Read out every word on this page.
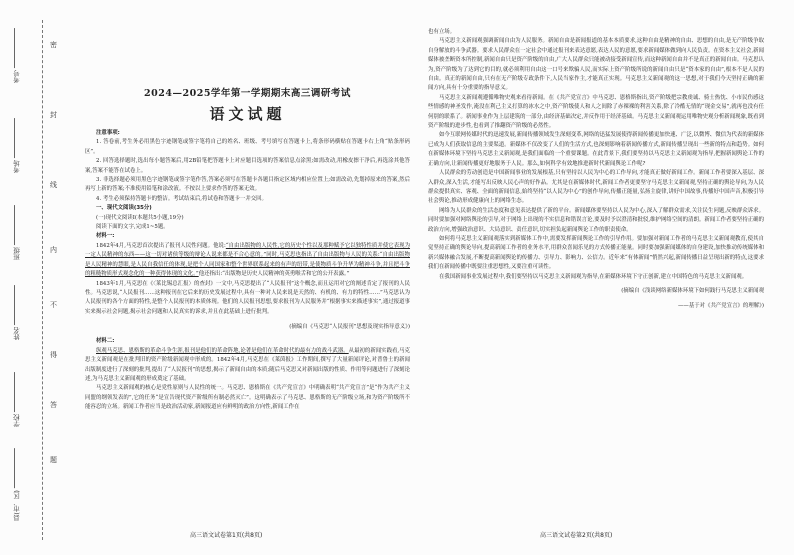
考号
考场
班级
姓名
学校
县(市、区)
密
封
线
内
不
得
答
题
2024—2025学年第一学期期末高三调研考试
语文试题

注意事项:

1. 答卷前,考生务必用黑色字迹钢笔或签字笔将自己的姓名、班级、考号填写在答题卡上,将条形码横贴在答题卡右上角“贴条形码区”。

2. 回答选择题时,选出每小题答案后,用2B铅笔把答题卡上对应题目选项的答案信息点涂黑;如需改动,用橡皮擦干净后,再选涂其他答案,答案不能答在试卷上。

3. 非选择题必须用黑色字迹钢笔或签字笔作答,答案必须写在答题卡各题目指定区域内相应位置上;如需改动,先划掉原来的答案,然后再写上新的答案;不准使用铅笔和涂改液。不按以上要求作答的答案无效。

4. 考生必须保持答题卡的整洁。考试结束后,将试卷和答题卡一并交回。

一、现代文阅读(35分)

(一)现代文阅读Ⅰ(本题共5小题,19分)

阅读下面的文字,完成1~5题。

材料一:

1842年4月,马克思首次提出了报刊人民性问题。他说:“自由出版物的人民性,它的历史个性以及那种赋予它以独特性质并使它表现为一定人民精神的东西——这一切对诸侯等级的辩论人说来都是不合心意的。”同时,马克思也指出了自由出版物与人民的关系:“自由出版物是人民精神的慧眼,是人民自我信任的体现,是把个人同国家和整个世界联系起来的有声的纽带,是使物质斗争升华为精神斗争,并且把斗争的粗糙物质形式观念化的一种获得体现的文化。”他还指出:“出版物是历史人民精神的英勇喉舌和它的公开表露。”

1843年1月,马克思在《〈莱比锡总汇报〉的查封》一文中,马克思提出了“人民报刊”这个概念,而且运用对它的阐述肯定了报刊的人民性。马克思说,“人民报刊……这种报刊在它后来的历史发展过程中,具有一种对人民来说是天然的、有机的、有力的特性……”马克思认为人民报刊的各个方面的特性,是整个人民报刊的本质体现。他们的人民报刊思想,要求报刊为人民服务并“根据事实来描述事实”,通过报道事实来揭示社会问题,揭示社会问题和人民真实的诉求,并且在此基础上进行批判。

(摘编自《马克思“人民报刊”思想及现实指导意义》)

材料二:

纵观马克思、恩格斯的革命斗争生涯,报刊是他们的革命阵地,论著是他们在革命时代的最有力的战斗武器。从最初的新闻实践看,马克思主义新闻观是在批判旧的资产阶级新闻观中形成的。1842年4月,马克思在《莱茵报》工作期间,撰写了大量新闻评论,对普鲁士的新闻出版制度进行了深刻的批判,提出了“人民报刊”的思想,揭示了新闻自由的本质;随后马克思又对新闻出版的性质、作用等问题进行了深刻论述,为马克思主义新闻观的形成奠定了基础。

马克思主义新闻观的核心是党性原则与人民性的统一。马克思、恩格斯在《共产党宣言》中明确表明“共产党宣言”是“作为共产主义同盟的纲领发表的”,它的任务“是宣告现代资产阶级所有制必然灭亡”。这明确表示了马克思、恩格斯的无产阶级立场,和为资产阶级所不能容忍的立场。新闻工作者应当是政治活动家,新闻报道应有鲜明的政治方向性,新闻工作在

也有立场。

马克思主义新闻观强调新闻自由为人民服务。新闻自由是新闻报道的基本本质要求,这种自由是精神的自由、思想的自由,是无产阶级争取自身解放的斗争武器。要求人民群众在一定社会中通过报刊来表达意愿,表达人民的意愿,要求新闻媒体做到向人民负责。在资本主义社会,新闻媒体被垄断资本所控制,新闻自由只是资产阶级的自由,广大人民群众只能被动接受新闻宣传,而这种新闻自由并不是真正的新闻自由。马克思认为,资产阶级为了达到它的目的,就必须利用自由这一口号来欺骗人民,而实际上资产阶级所说的新闻自由只是“资本家的自由”,根本不是人民的自由。真正的新闻自由,只有在无产阶级专政条件下,人民当家作主,才能真正实现。马克思主义新闻观的这一思想,对于我们今天坚持正确的新闻方向,具有十分重要的指导意义。

马克思主义新闻观遵循唯物史观来看待新闻。在《共产党宣言》中马克思、恩格斯指出,资产阶级把宗教虔诚、骑士热忱、小市民伤感这些情感的神圣发作,淹没在利己主义打算的冰水之中,资产阶级使人和人之间除了赤裸裸的利害关系,除了冷酷无情的“现金交易”,就再也没有任何别的联系了。新闻事业作为上层建筑的一部分,由经济基础决定,并反作用于经济基础。马克思主义新闻观运用唯物史观分析新闻现象,既看到资产阶级的进步性,也看到了推翻资产阶级的必然性。

如今互联网传媒时代的迅速发展,新闻传播领域发生深刻变革,网络的迅猛发展使得新闻传播更加快速、广泛,以微博、微信为代表的新媒体已成为人们获取信息的主要渠道。新媒体不仅改变了人们的生活方式,也深刻影响着新闻传播方式,新闻传播呈现出一些新的特点和趋势。如何在新媒体环境下坚持马克思主义新闻观,是我们面临的一个重要课题。在此背景下,我们要坚持以马克思主义新闻观为指导,把握新闻舆论工作的正确方向,让新闻传播更好地服务于人民。那么,如何科学有效地推进新时代新闻舆论工作呢?

人民群众的劳动创造是中国新闻事业的发展根基,只有坚持以人民为中心的工作导向,才能真正做好新闻工作。新闻工作者要深入基层、深入群众,深入生活,才能写出反映人民心声的好作品。尤其是在新媒体时代,新闻工作者更要坚守马克思主义新闻观,坚持正确的舆论导向,为人民群众提供真实、客观、全面的新闻信息,始终坚持“以人民为中心”的创作导向,传播正能量,弘扬主旋律,讲好中国故事,传播好中国声音,积极引导社会舆论,推动形成健康向上的网络生态。

网络为人民群众的生活态度和意见表达提供了新的平台。新闻媒体要坚持以人民为中心,深入了解群众需求,关注民生问题,反映群众诉求。同时要加强对网络舆论的引导,对于网络上出现的不实信息和错误言论,要及时予以澄清和批驳,维护网络空间的清朗。新闻工作者要坚持正确的政治方向,增强政治意识、大局意识、责任意识,切实担负起新闻舆论工作的职责使命。

如何将马克思主义新闻观落实到新媒体工作中,需要发挥新闻舆论工作的引导作用。要加强对新闻工作者的马克思主义新闻观教育,使其自觉坚持正确的舆论导向,提高新闻工作者的业务水平,用群众喜闻乐见的方式传播正能量。同时要加强新闻媒体的自身建设,加快推动传统媒体和新兴媒体融合发展,不断提高新闻舆论的传播力、引导力、影响力、公信力。近年来“有体新闻”悄然兴起,新闻传播日益呈现出新的特点,这要求我们在新闻传播中既要注重思想性,又要注重可读性。

在我国新闻事业发展过程中,我们要坚持以马克思主义新闻观为指导,在新媒体环境下守正创新,建立中国特色的马克思主义新闻观。

(摘编自《浅谈网络新媒体环境下如何践行马克思主义新闻观

——基于对《共产党宣言》的理解》)

高三语文试卷第1页(共8页)	高三语文试卷第2页(共8页)
